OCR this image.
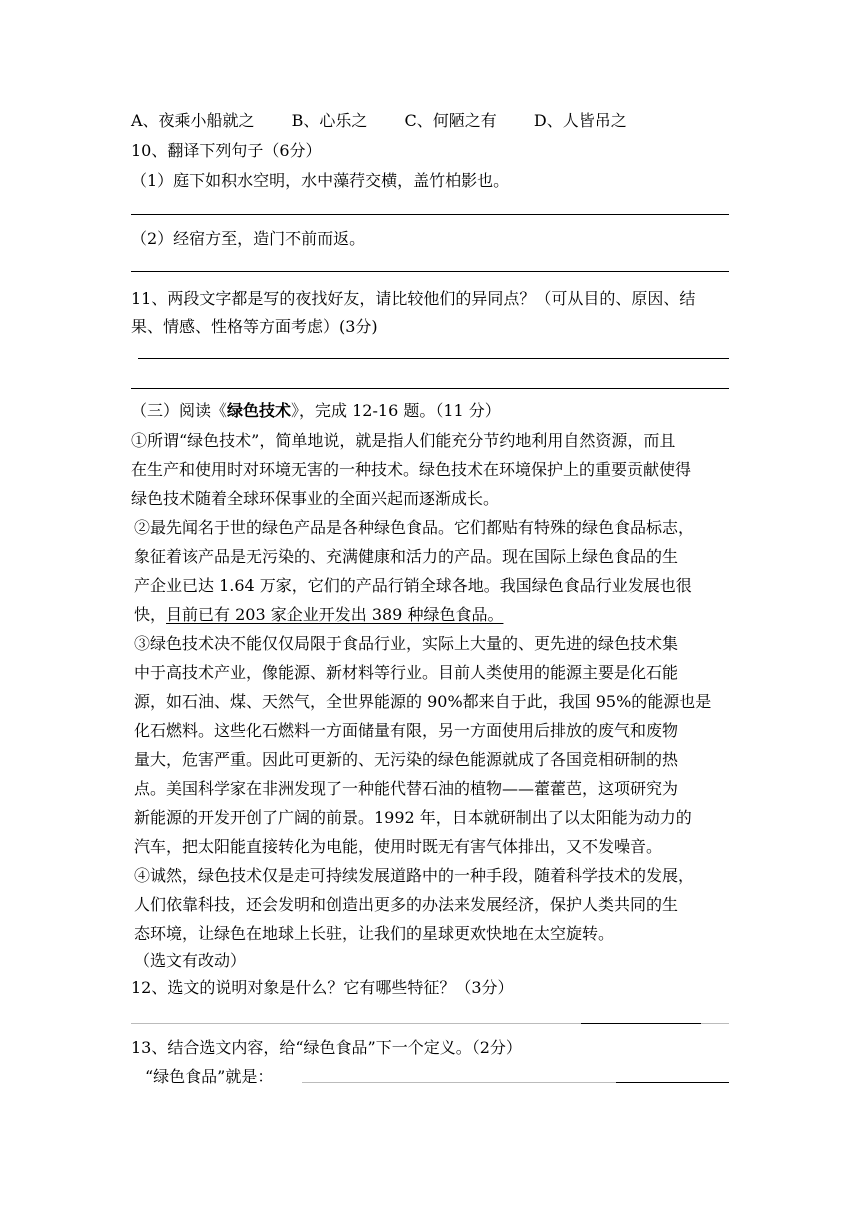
A、夜乘小船就之 B、心乐之 C、何陋之有 D、人皆吊之
10、翻译下列句子（6分）
（1）庭下如积水空明，水中藻荇交横，盖竹柏影也。
（2）经宿方至，造门不前而返。
11、两段文字都是写的夜找好友，请比较他们的异同点？（可从目的、原因、结
果、情感、性格等方面考虑）(3分)
（三）阅读《绿色技术》，完成 12-16 题。（11 分）
①所谓“绿色技术”，简单地说，就是指人们能充分节约地利用自然资源，而且
在生产和使用时对环境无害的一种技术。绿色技术在环境保护上的重要贡献使得
绿色技术随着全球环保事业的全面兴起而逐渐成长。
②最先闻名于世的绿色产品是各种绿色食品。它们都贴有特殊的绿色食品标志，
象征着该产品是无污染的、充满健康和活力的产品。现在国际上绿色食品的生
产企业已达 1.64 万家，它们的产品行销全球各地。我国绿色食品行业发展也很
快，目前已有 203 家企业开发出 389 种绿色食品。
③绿色技术决不能仅仅局限于食品行业，实际上大量的、更先进的绿色技术集
中于高技术产业，像能源、新材料等行业。目前人类使用的能源主要是化石能
源，如石油、煤、天然气，全世界能源的 90%都来自于此，我国 95%的能源也是
化石燃料。这些化石燃料一方面储量有限，另一方面使用后排放的废气和废物
量大，危害严重。因此可更新的、无污染的绿色能源就成了各国竞相研制的热
点。美国科学家在非洲发现了一种能代替石油的植物——藿藿芭，这项研究为
新能源的开发开创了广阔的前景。1992 年，日本就研制出了以太阳能为动力的
汽车，把太阳能直接转化为电能，使用时既无有害气体排出，又不发噪音。
④诚然，绿色技术仅是走可持续发展道路中的一种手段，随着科学技术的发展，
人们依靠科技，还会发明和创造出更多的办法来发展经济，保护人类共同的生
态环境，让绿色在地球上长驻，让我们的星球更欢快地在太空旋转。
（选文有改动）
12、选文的说明对象是什么？它有哪些特征？（3分）
13、结合选文内容，给“绿色食品”下一个定义。（2分）
“绿色食品”就是：
